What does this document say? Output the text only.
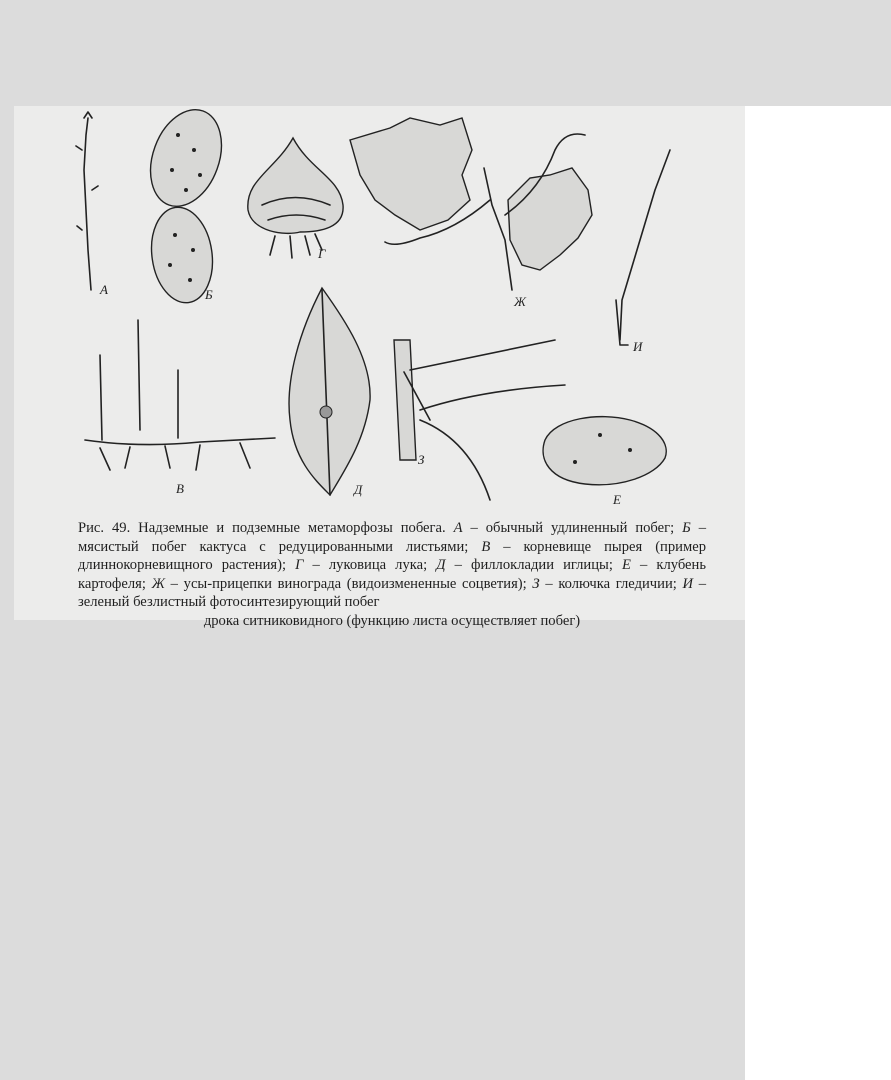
А	Б
Г
Ж
И
В	Д
З
Е
Рис. 49. Надземные и подземные метаморфозы побега. А – обычный удлиненный побег; Б – мясистый побег кактуса с редуцированными листьями; В – корневище пырея (пример длиннокорневищного растения); Г – луковица лука; Д – филлокладии иглицы; Е – клубень картофеля; Ж – усы-прицепки винограда (видоизмененные соцветия); З – колючка гледичии; И – зеленый безлистный фотосинтезирующий побег
дрока ситниковидного (функцию листа осуществляет побег)
